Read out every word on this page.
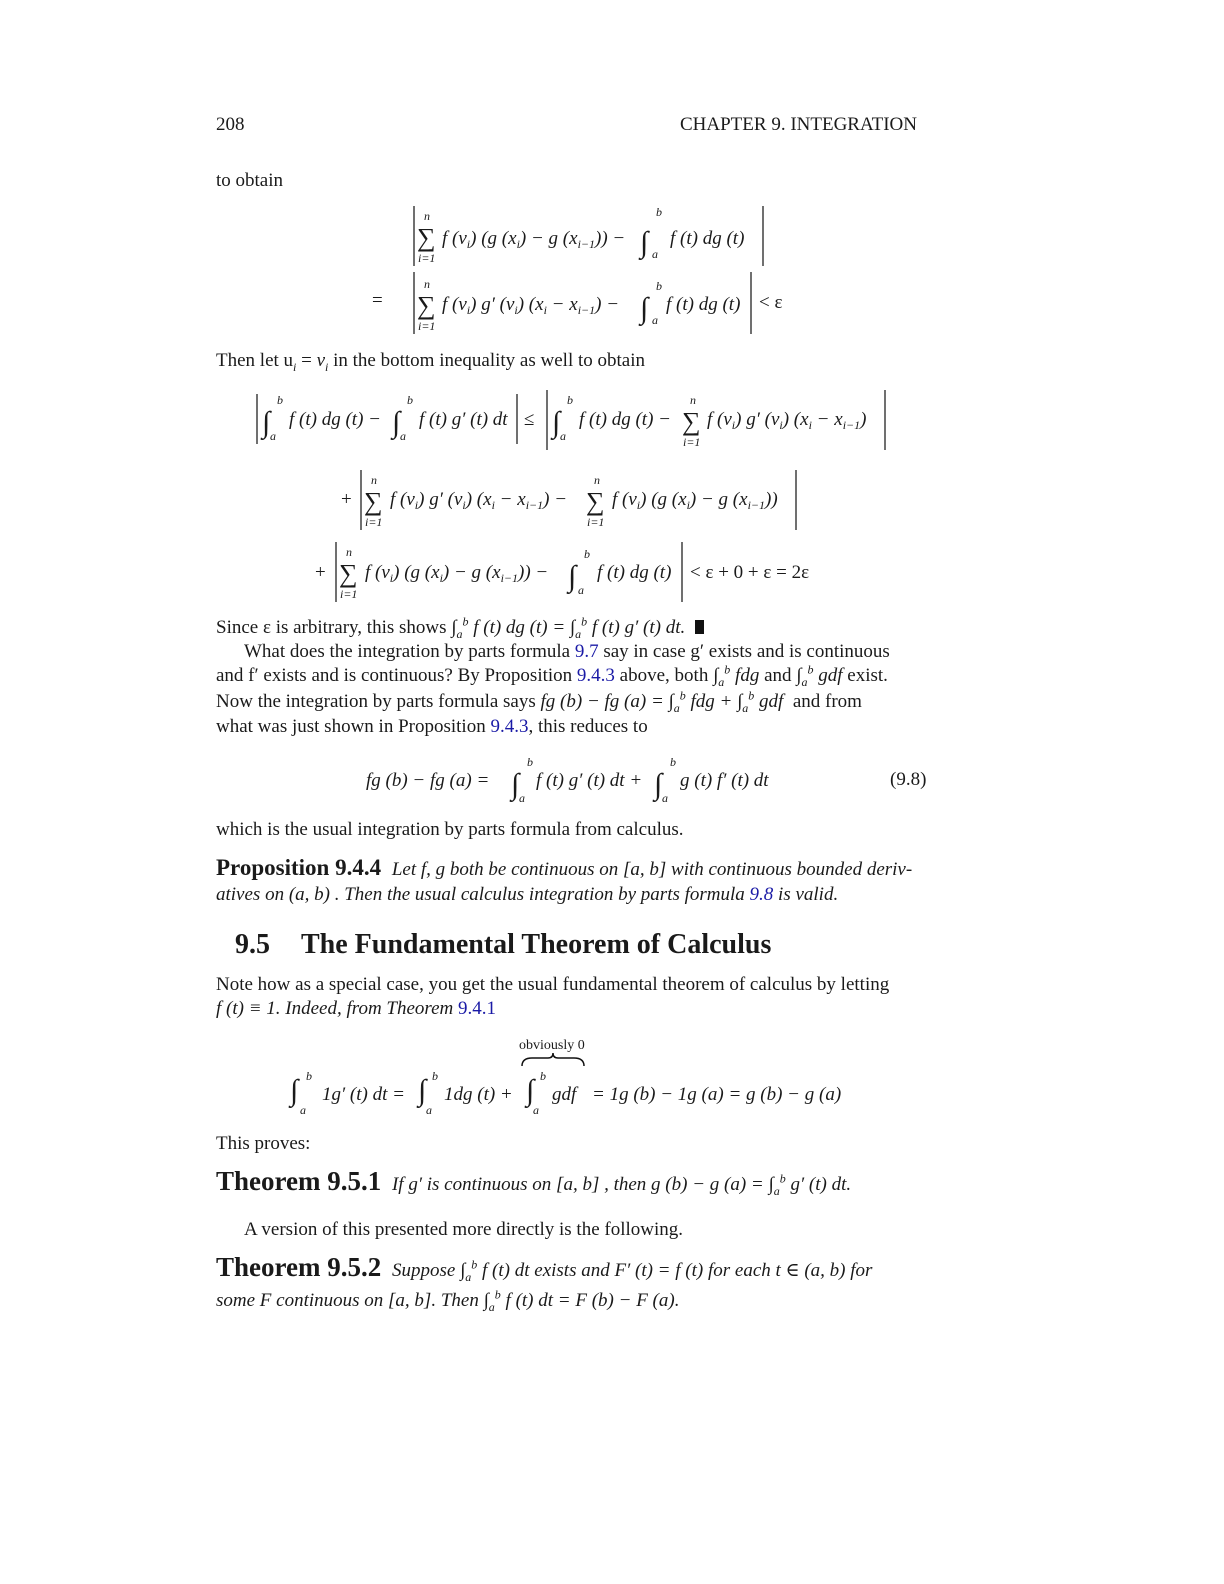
208	CHAPTER 9. INTEGRATION
to obtain
n
∑
i=1
f $(v_i)$ (g $(x_i) - g$ $(x_{i-1})$) − ∫
b
a
f (t) dg (t)
=
n
∑
i=1
f $(v_i)$ g′ $(v_i) (x_i - x_{i-1})$ − ∫
b
a
f (t) dg (t) < ε
Then let $u_i = v_i$ in the bottom inequality as well to obtain
∫
b
a
f (t) dg (t) − ∫
b
a
f (t) g′ (t) dt ≤ ∫
b
a
f (t) dg (t) −
n
∑
i=1
f $(v_i)$ g′ $(v_i) (x_i - x_{i-1})$
+
n
∑
i=1
f $(v_i)$ g′ $(v_i) (x_i - x_{i-1})$ −
n
∑
i=1
f $(v_i)$ (g $(x_i) - g$ $(x_{i-1})$)
+
n
∑
i=1
f $(v_i)$ (g $(x_i) - g$ $(x_{i-1})$) − ∫
b
a
f (t) dg (t) < ε + 0 + ε = 2ε
Since ε is arbitrary, this shows $\int_a^b$ f (t) dg $(t) = \int_a^b$ f (t) g′ (t) dt.
What does the integration by parts formula 9.7 say in case g′ exists and is continuous
and f′ exists and is continuous? By Proposition 9.4.3 above, both $\int_a^b$ fdg and $\int_a^b$ gdf exist.
Now the integration by parts formula says fg (b) − fg $(a) = \int_a^b$ fdg + $\int_a^b$ gdf  and from
what was just shown in Proposition 9.4.3, this reduces to
fg (b) − fg (a) = ∫
b
a
f (t) g′ (t) dt + ∫
b
a
g (t) f′ (t) dt	(9.8)
which is the usual integration by parts formula from calculus.
Proposition 9.4.4 Let f, g both be continuous on [a, b] with continuous bounded deriv-
atives on (a, b) . Then the usual calculus integration by parts formula 9.8 is valid.
9.5 The Fundamental Theorem of Calculus
Note how as a special case, you get the usual fundamental theorem of calculus by letting
f (t) ≡ 1. Indeed, from Theorem 9.4.1
∫ b
a
1g′ (t) dt = ∫ b
a
1dg (t) + ∫ b
a
gdf = 1g (b) − 1g (a) = g (b) − g (a)
obviously 0
This proves:
Theorem 9.5.1 If g′ is continuous on [a, b] , then g (b) − g $(a) = \int_a^b$ g′ (t) dt.
A version of this presented more directly is the following.
Theorem 9.5.2 Suppose $\int_a^b$ f (t) dt exists and F′ (t) = f (t) for each t ∈ (a, b) for
some F continuous on [a, b]. Then $\int_a^b$ f (t) dt = F (b) − F (a).
